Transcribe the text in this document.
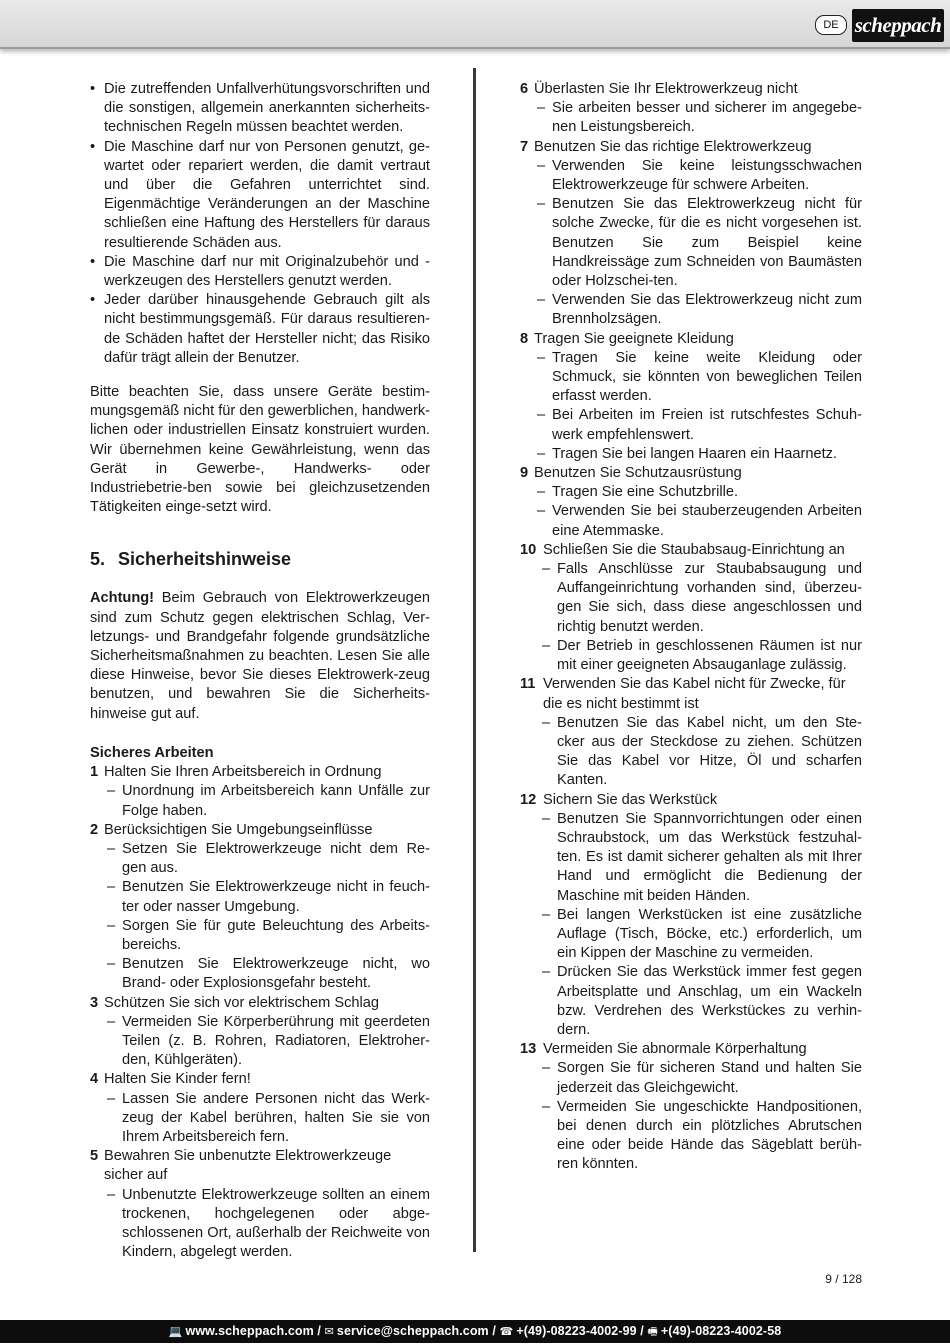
DE scheppach
• Die zutreffenden Unfallverhütungsvorschriften und die sonstigen, allgemein anerkannten sicherheits-technischen Regeln müssen beachtet werden.
• Die Maschine darf nur von Personen genutzt, ge-wartet oder repariert werden, die damit vertraut und über die Gefahren unterrichtet sind. Eigenmächtige Veränderungen an der Maschine schließen eine Haftung des Herstellers für daraus resultierende Schäden aus.
• Die Maschine darf nur mit Originalzubehör und -werkzeugen des Herstellers genutzt werden.
• Jeder darüber hinausgehende Gebrauch gilt als nicht bestimmungsgemäß. Für daraus resultieren-de Schäden haftet der Hersteller nicht; das Risiko dafür trägt allein der Benutzer.

Bitte beachten Sie, dass unsere Geräte bestim-mungsgemäß nicht für den gewerblichen, handwerk-lichen oder industriellen Einsatz konstruiert wurden. Wir übernehmen keine Gewährleistung, wenn das Gerät in Gewerbe-, Handwerks- oder Industriebetrie-ben sowie bei gleichzusetzenden Tätigkeiten einge-setzt wird.

5. Sicherheitshinweise

Achtung! Beim Gebrauch von Elektrowerkzeugen sind zum Schutz gegen elektrischen Schlag, Ver-letzungs- und Brandgefahr folgende grundsätzliche Sicherheitsmaßnahmen zu beachten. Lesen Sie alle diese Hinweise, bevor Sie dieses Elektrowerk-zeug benutzen, und bewahren Sie die Sicherheits-hinweise gut auf.

Sicheres Arbeiten
1 Halten Sie Ihren Arbeitsbereich in Ordnung
– Unordnung im Arbeitsbereich kann Unfälle zur Folge haben.
2 Berücksichtigen Sie Umgebungseinflüsse
– Setzen Sie Elektrowerkzeuge nicht dem Re-gen aus.
– Benutzen Sie Elektrowerkzeuge nicht in feuch-ter oder nasser Umgebung.
– Sorgen Sie für gute Beleuchtung des Arbeits-bereichs.
– Benutzen Sie Elektrowerkzeuge nicht, wo Brand- oder Explosionsgefahr besteht.
3 Schützen Sie sich vor elektrischem Schlag
– Vermeiden Sie Körperberührung mit geerdeten Teilen (z. B. Rohren, Radiatoren, Elektroher-den, Kühlgeräten).
4 Halten Sie Kinder fern!
– Lassen Sie andere Personen nicht das Werk-zeug der Kabel berühren, halten Sie sie von Ihrem Arbeitsbereich fern.
5 Bewahren Sie unbenutzte Elektrowerkzeuge sicher auf
– Unbenutzte Elektrowerkzeuge sollten an einem trockenen, hochgelegenen oder abge-schlossenen Ort, außerhalb der Reichweite von Kindern, abgelegt werden.
6 Überlasten Sie Ihr Elektrowerkzeug nicht
– Sie arbeiten besser und sicherer im angegebe-nen Leistungsbereich.
7 Benutzen Sie das richtige Elektrowerkzeug
– Verwenden Sie keine leistungsschwachen Elektrowerkzeuge für schwere Arbeiten.
– Benutzen Sie das Elektrowerkzeug nicht für solche Zwecke, für die es nicht vorgesehen ist. Benutzen Sie zum Beispiel keine Handkreissäge zum Schneiden von Baumästen oder Holzschei-ten.
– Verwenden Sie das Elektrowerkzeug nicht zum Brennholzsägen.
8 Tragen Sie geeignete Kleidung
– Tragen Sie keine weite Kleidung oder Schmuck, sie könnten von beweglichen Teilen erfasst werden.
– Bei Arbeiten im Freien ist rutschfestes Schuh-werk empfehlenswert.
– Tragen Sie bei langen Haaren ein Haarnetz.
9 Benutzen Sie Schutzausrüstung
– Tragen Sie eine Schutzbrille.
– Verwenden Sie bei stauberzeugenden Arbeiten eine Atemmaske.
10 Schließen Sie die Staubabsaug-Einrichtung an
– Falls Anschlüsse zur Staubabsaugung und Auffangeinrichtung vorhanden sind, überzeu-gen Sie sich, dass diese angeschlossen und richtig benutzt werden.
– Der Betrieb in geschlossenen Räumen ist nur mit einer geeigneten Absauganlage zulässig.
11 Verwenden Sie das Kabel nicht für Zwecke, für die es nicht bestimmt ist
– Benutzen Sie das Kabel nicht, um den Ste-cker aus der Steckdose zu ziehen. Schützen Sie das Kabel vor Hitze, Öl und scharfen Kanten.
12 Sichern Sie das Werkstück
– Benutzen Sie Spannvorrichtungen oder einen Schraubstock, um das Werkstück festzuhal-ten. Es ist damit sicherer gehalten als mit Ihrer Hand und ermöglicht die Bedienung der Maschine mit beiden Händen.
– Bei langen Werkstücken ist eine zusätzliche Auflage (Tisch, Böcke, etc.) erforderlich, um ein Kippen der Maschine zu vermeiden.
– Drücken Sie das Werkstück immer fest gegen Arbeitsplatte und Anschlag, um ein Wackeln bzw. Verdrehen des Werkstückes zu verhin-dern.
13 Vermeiden Sie abnormale Körperhaltung
– Sorgen Sie für sicheren Stand und halten Sie jederzeit das Gleichgewicht.
– Vermeiden Sie ungeschickte Handpositionen, bei denen durch ein plötzliches Abrutschen eine oder beide Hände das Sägeblatt berüh-ren könnten.
9 / 128
💻 www.scheppach.com / ✉ service@scheppach.com / ☎ +(49)-08223-4002-99 / 🖷 +(49)-08223-4002-58
